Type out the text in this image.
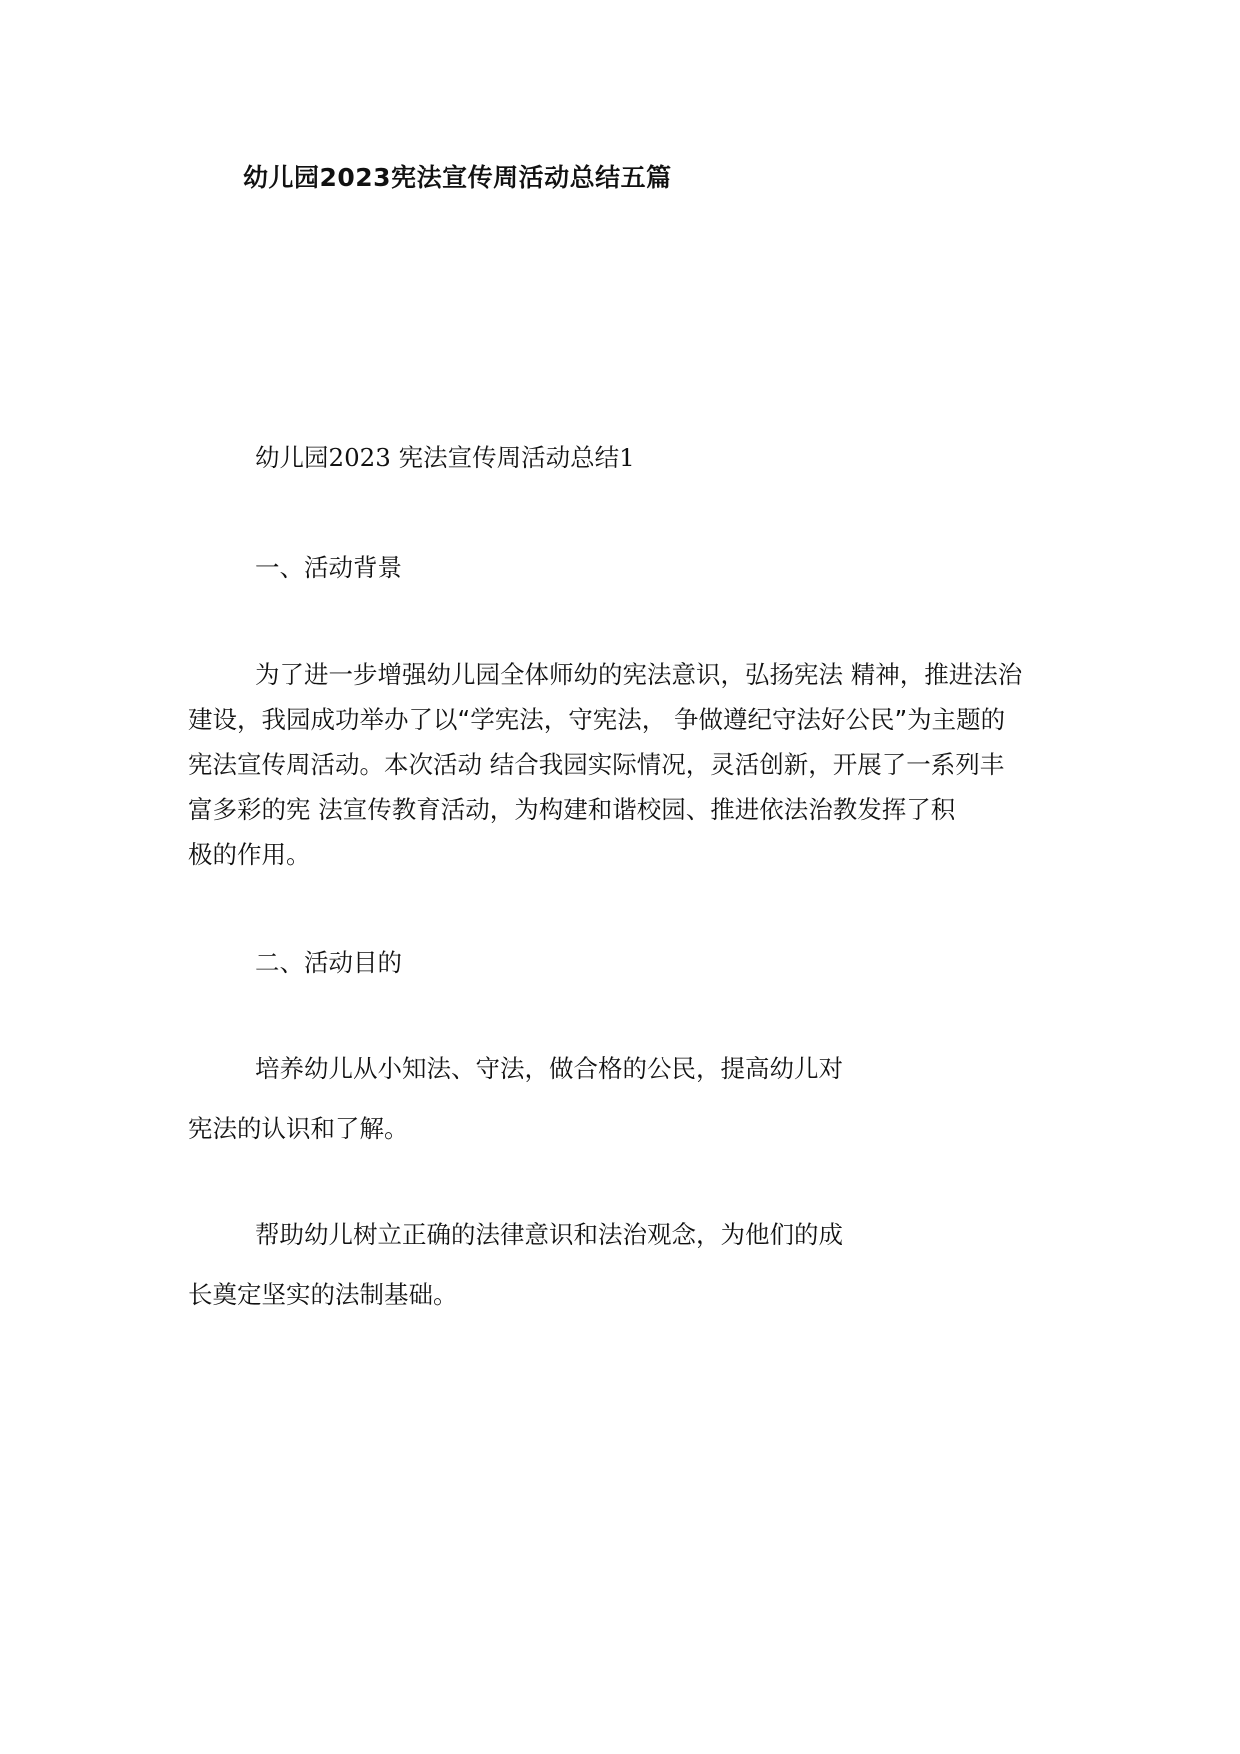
幼儿园2023宪法宣传周活动总结五篇
幼儿园2023 宪法宣传周活动总结1
一、活动背景
为了进一步增强幼儿园全体师幼的宪法意识，弘扬宪法 精神，推进法治
建设，我园成功举办了以“学宪法，守宪法， 争做遵纪守法好公民”为主题的
宪法宣传周活动。本次活动 结合我园实际情况，灵活创新，开展了一系列丰
富多彩的宪 法宣传教育活动，为构建和谐校园、推进依法治教发挥了积
极的作用。
二、活动目的
培养幼儿从小知法、守法，做合格的公民，提高幼儿对
宪法的认识和了解。
帮助幼儿树立正确的法律意识和法治观念，为他们的成
长奠定坚实的法制基础。
